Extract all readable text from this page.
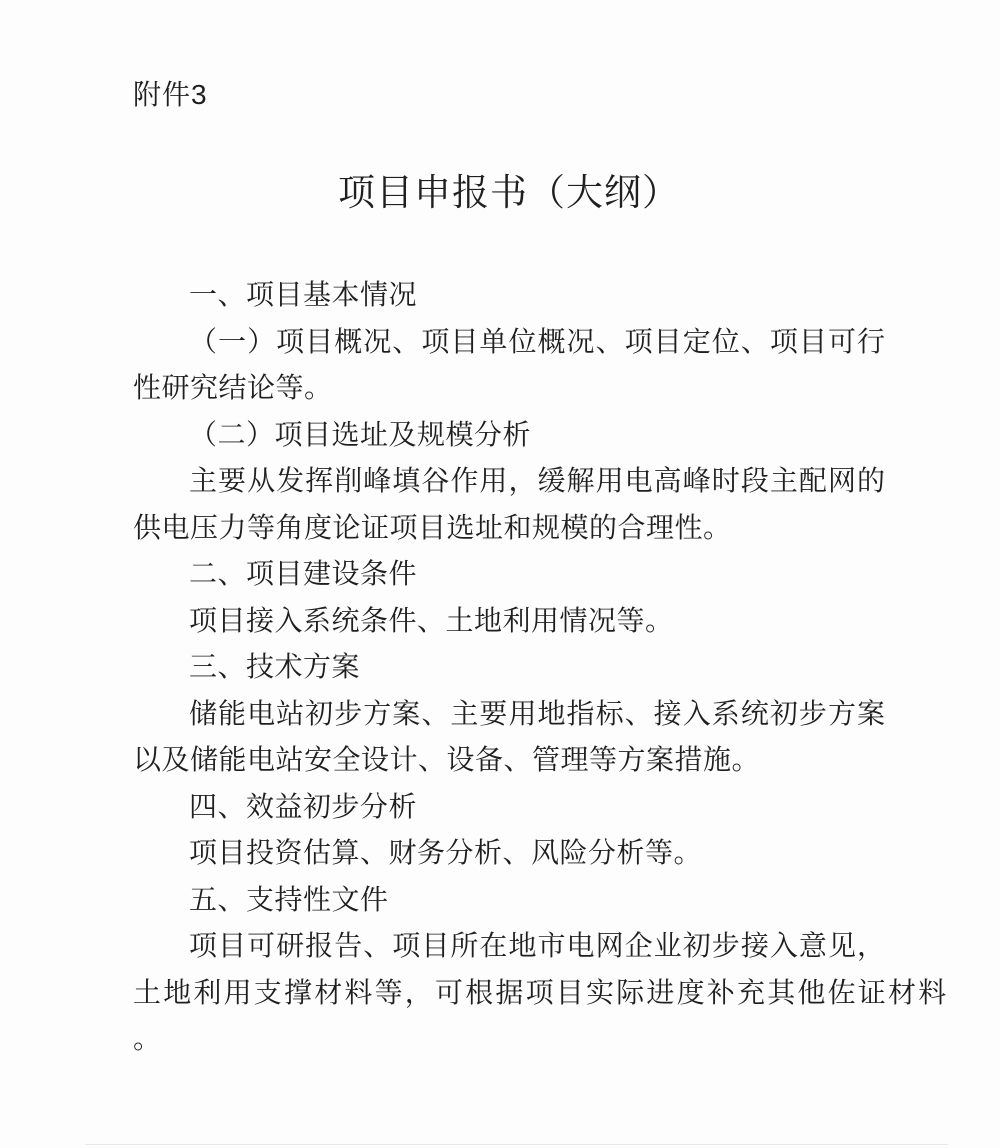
附件3
项目申报书（大纲）
一、项目基本情况
（一）项目概况、项目单位概况、项目定位、项目可行
性研究结论等。
（二）项目选址及规模分析
主要从发挥削峰填谷作用，缓解用电高峰时段主配网的
供电压力等角度论证项目选址和规模的合理性。
二、项目建设条件
项目接入系统条件、土地利用情况等。
三、技术方案
储能电站初步方案、主要用地指标、接入系统初步方案
以及储能电站安全设计、设备、管理等方案措施。
四、效益初步分析
项目投资估算、财务分析、风险分析等。
五、支持性文件
项目可研报告、项目所在地市电网企业初步接入意见，
土地利用支撑材料等，可根据项目实际进度补充其他佐证材料
。
